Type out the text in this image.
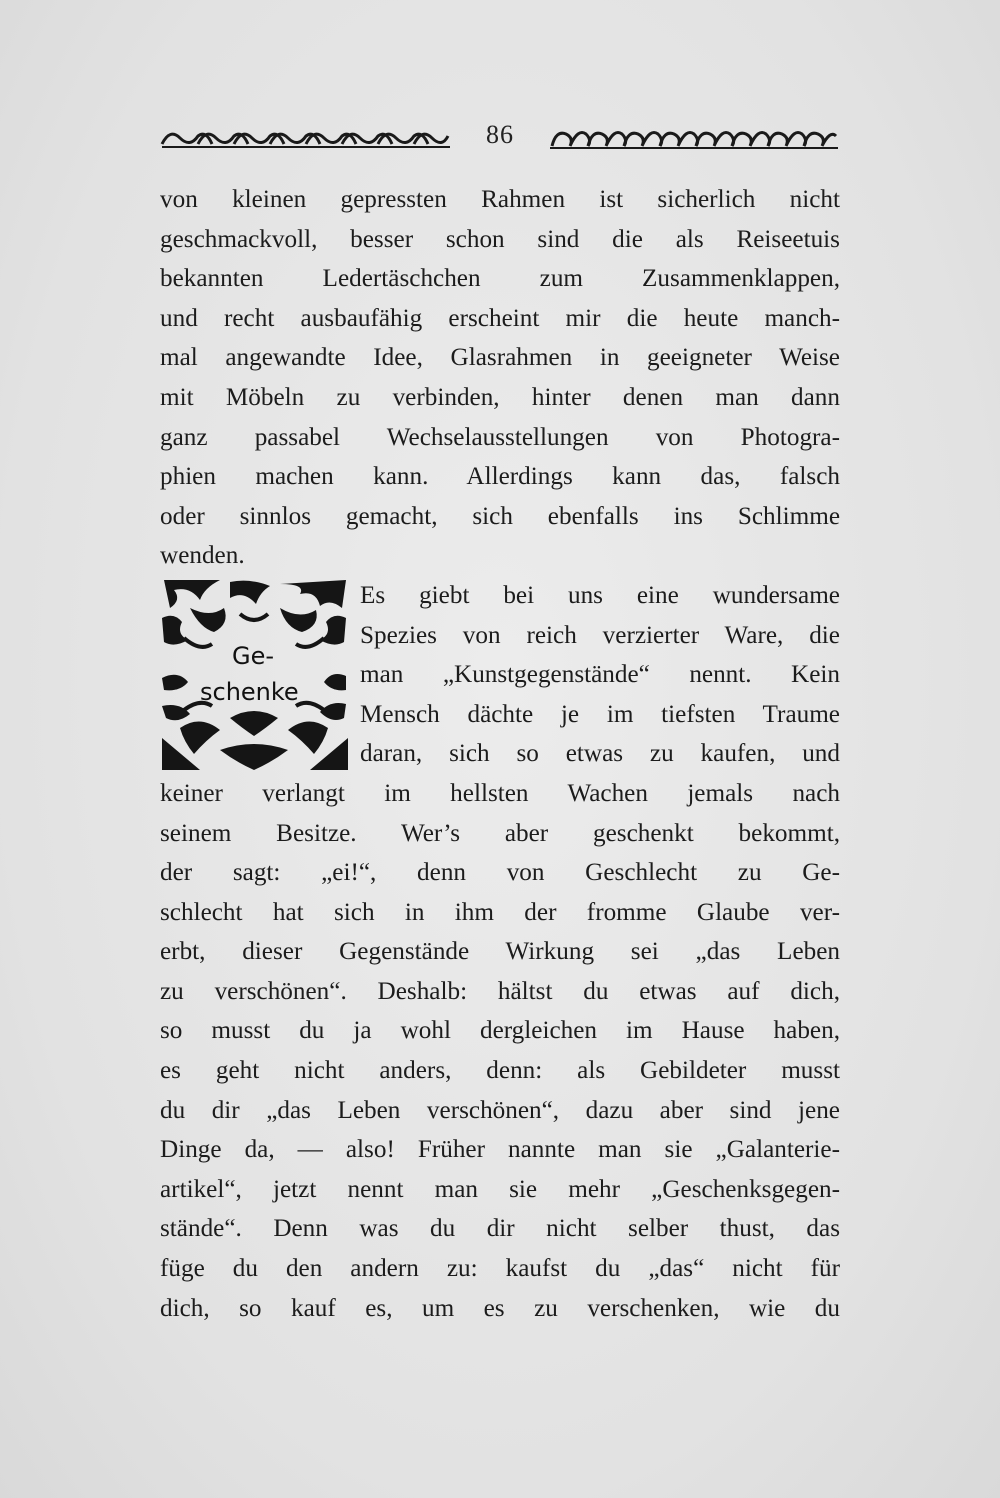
86
von kleinen gepressten Rahmen ist sicherlich nicht
geschmackvoll, besser schon sind die als Reiseetuis
bekannten Ledertäschchen zum Zusammenklappen,
und recht ausbaufähig erscheint mir die heute manch-
mal angewandte Idee, Glasrahmen in geeigneter Weise
mit Möbeln zu verbinden, hinter denen man dann
ganz passabel Wechselausstellungen von Photogra-
phien machen kann. Allerdings kann das, falsch
oder sinnlos gemacht, sich ebenfalls ins Schlimme
wenden.
Es giebt bei uns eine wundersame
Spezies von reich verzierter Ware, die
man „Kunstgegenstände“ nennt. Kein
Mensch dächte je im tiefsten Traume
daran, sich so etwas zu kaufen, und
keiner verlangt im hellsten Wachen jemals nach
seinem Besitze. Wer’s aber geschenkt bekommt,
der sagt: „ei!“, denn von Geschlecht zu Ge-
schlecht hat sich in ihm der fromme Glaube ver-
erbt, dieser Gegenstände Wirkung sei „das Leben
zu verschönen“. Deshalb: hältst du etwas auf dich,
so musst du ja wohl dergleichen im Hause haben,
es geht nicht anders, denn: als Gebildeter musst
du dir „das Leben verschönen“, dazu aber sind jene
Dinge da, — also! Früher nannte man sie „Galanterie-
artikel“, jetzt nennt man sie mehr „Geschenksgegen-
stände“. Denn was du dir nicht selber thust, das
füge du den andern zu: kaufst du „das“ nicht für
dich, so kauf es, um es zu verschenken, wie du
Ge-
schenke
